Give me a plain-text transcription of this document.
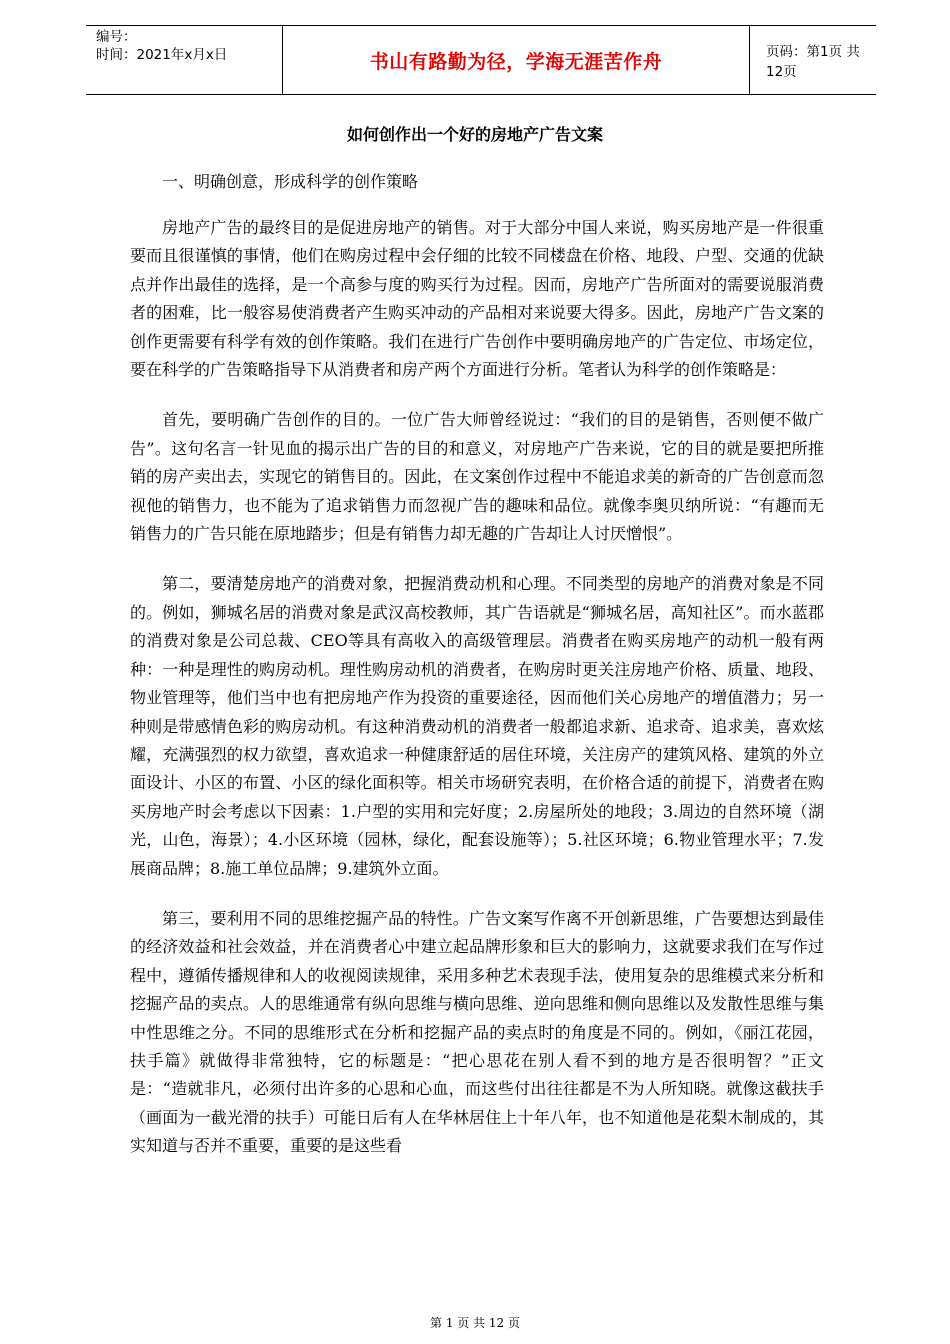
编号：
时间：2021年x月x日	书山有路勤为径，学海无涯苦作舟	页码：第1页 共12页
如何创作出一个好的房地产广告文案

一、明确创意，形成科学的创作策略

房地产广告的最终目的是促进房地产的销售。对于大部分中国人来说，购买房地产是一件很重要而且很谨慎的事情，他们在购房过程中会仔细的比较不同楼盘在价格、地段、户型、交通的优缺点并作出最佳的选择，是一个高参与度的购买行为过程。因而，房地产广告所面对的需要说服消费者的困难，比一般容易使消费者产生购买冲动的产品相对来说要大得多。因此，房地产广告文案的创作更需要有科学有效的创作策略。我们在进行广告创作中要明确房地产的广告定位、市场定位，要在科学的广告策略指导下从消费者和房产两个方面进行分析。笔者认为科学的创作策略是：

首先，要明确广告创作的目的。一位广告大师曾经说过：“我们的目的是销售，否则便不做广告”。这句名言一针见血的揭示出广告的目的和意义，对房地产广告来说，它的目的就是要把所推销的房产卖出去，实现它的销售目的。因此，在文案创作过程中不能追求美的新奇的广告创意而忽视他的销售力，也不能为了追求销售力而忽视广告的趣味和品位。就像李奥贝纳所说：“有趣而无销售力的广告只能在原地踏步；但是有销售力却无趣的广告却让人讨厌憎恨”。

第二，要清楚房地产的消费对象，把握消费动机和心理。不同类型的房地产的消费对象是不同的。例如，狮城名居的消费对象是武汉高校教师，其广告语就是“狮城名居，高知社区”。而水蓝郡的消费对象是公司总裁、CEO等具有高收入的高级管理层。消费者在购买房地产的动机一般有两种：一种是理性的购房动机。理性购房动机的消费者，在购房时更关注房地产价格、质量、地段、物业管理等，他们当中也有把房地产作为投资的重要途径，因而他们关心房地产的增值潜力；另一种则是带感情色彩的购房动机。有这种消费动机的消费者一般都追求新、追求奇、追求美，喜欢炫耀，充满强烈的权力欲望，喜欢追求一种健康舒适的居住环境，关注房产的建筑风格、建筑的外立面设计、小区的布置、小区的绿化面积等。相关市场研究表明，在价格合适的前提下，消费者在购买房地产时会考虑以下因素：1.户型的实用和完好度；2.房屋所处的地段；3.周边的自然环境（湖光，山色，海景）；4.小区环境（园林，绿化，配套设施等）；5.社区环境；6.物业管理水平；7.发展商品牌；8.施工单位品牌；9.建筑外立面。

第三，要利用不同的思维挖掘产品的特性。广告文案写作离不开创新思维，广告要想达到最佳的经济效益和社会效益，并在消费者心中建立起品牌形象和巨大的影响力，这就要求我们在写作过程中，遵循传播规律和人的收视阅读规律，采用多种艺术表现手法，使用复杂的思维模式来分析和挖掘产品的卖点。人的思维通常有纵向思维与横向思维、逆向思维和侧向思维以及发散性思维与集中性思维之分。不同的思维形式在分析和挖掘产品的卖点时的角度是不同的。例如，《丽江花园，扶手篇》就做得非常独特，它的标题是：“把心思花在别人看不到的地方是否很明智？”正文是：“造就非凡，必须付出许多的心思和心血，而这些付出往往都是不为人所知晓。就像这截扶手（画面为一截光滑的扶手）可能日后有人在华林居住上十年八年，也不知道他是花梨木制成的，其实知道与否并不重要，重要的是这些看

第 1 页 共 12 页
